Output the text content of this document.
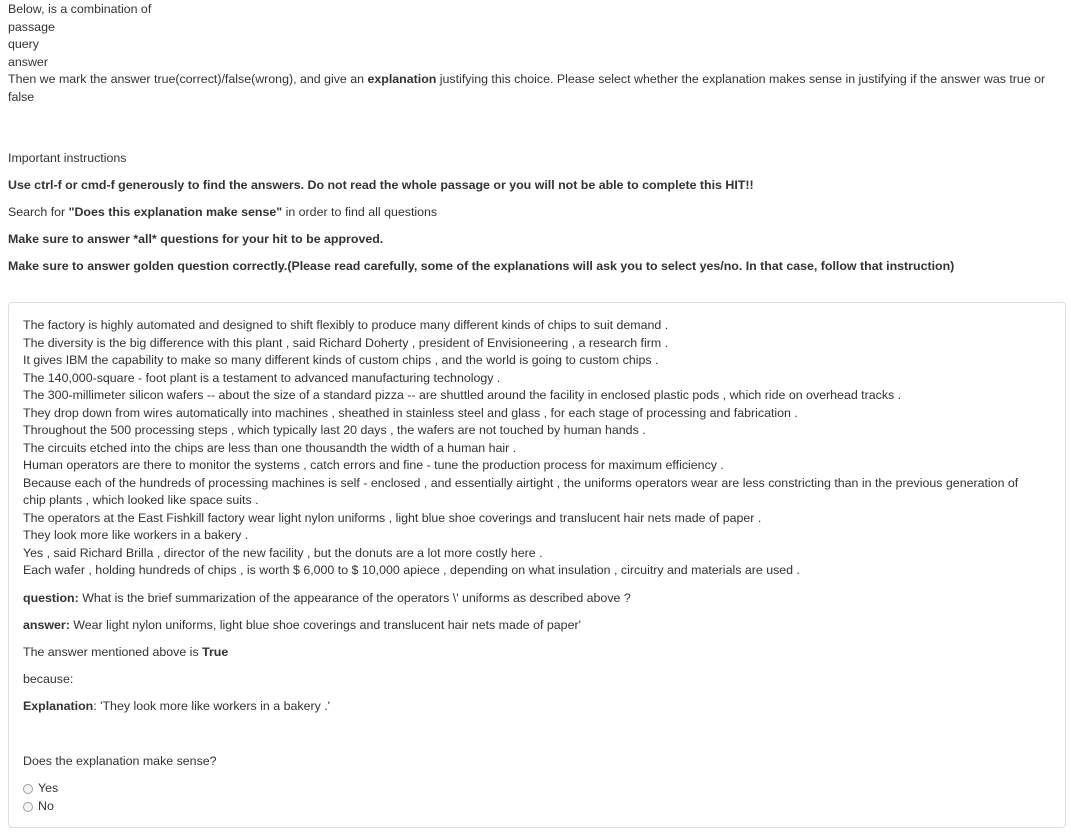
Below, is a combination of
passage
query
answer
Then we mark the answer true(correct)/false(wrong), and give an explanation justifying this choice. Please select whether the explanation makes sense in justifying if the answer was true or false

Important instructions

Use ctrl-f or cmd-f generously to find the answers. Do not read the whole passage or you will not be able to complete this HIT!!

Search for "Does this explanation make sense" in order to find all questions

Make sure to answer *all* questions for your hit to be approved.

Make sure to answer golden question correctly.(Please read carefully, some of the explanations will ask you to select yes/no. In that case, follow that instruction)

The factory is highly automated and designed to shift flexibly to produce many different kinds of chips to suit demand .
The diversity is the big difference with this plant , said Richard Doherty , president of Envisioneering , a research firm .
It gives IBM the capability to make so many different kinds of custom chips , and the world is going to custom chips .
The 140,000-square - foot plant is a testament to advanced manufacturing technology .
The 300-millimeter silicon wafers -- about the size of a standard pizza -- are shuttled around the facility in enclosed plastic pods , which ride on overhead tracks .
They drop down from wires automatically into machines , sheathed in stainless steel and glass , for each stage of processing and fabrication .
Throughout the 500 processing steps , which typically last 20 days , the wafers are not touched by human hands .
The circuits etched into the chips are less than one thousandth the width of a human hair .
Human operators are there to monitor the systems , catch errors and fine - tune the production process for maximum efficiency .
Because each of the hundreds of processing machines is self - enclosed , and essentially airtight , the uniforms operators wear are less constricting than in the previous generation of chip plants , which looked like space suits .
The operators at the East Fishkill factory wear light nylon uniforms , light blue shoe coverings and translucent hair nets made of paper .
They look more like workers in a bakery .
Yes , said Richard Brilla , director of the new facility , but the donuts are a lot more costly here .
Each wafer , holding hundreds of chips , is worth $ 6,000 to $ 10,000 apiece , depending on what insulation , circuitry and materials are used .
question: What is the brief summarization of the appearance of the operators \' uniforms as described above ?
answer: Wear light nylon uniforms, light blue shoe coverings and translucent hair nets made of paper'
The answer mentioned above is True
because:
Explanation: 'They look more like workers in a bakery .'
Does the explanation make sense?
Yes
No
